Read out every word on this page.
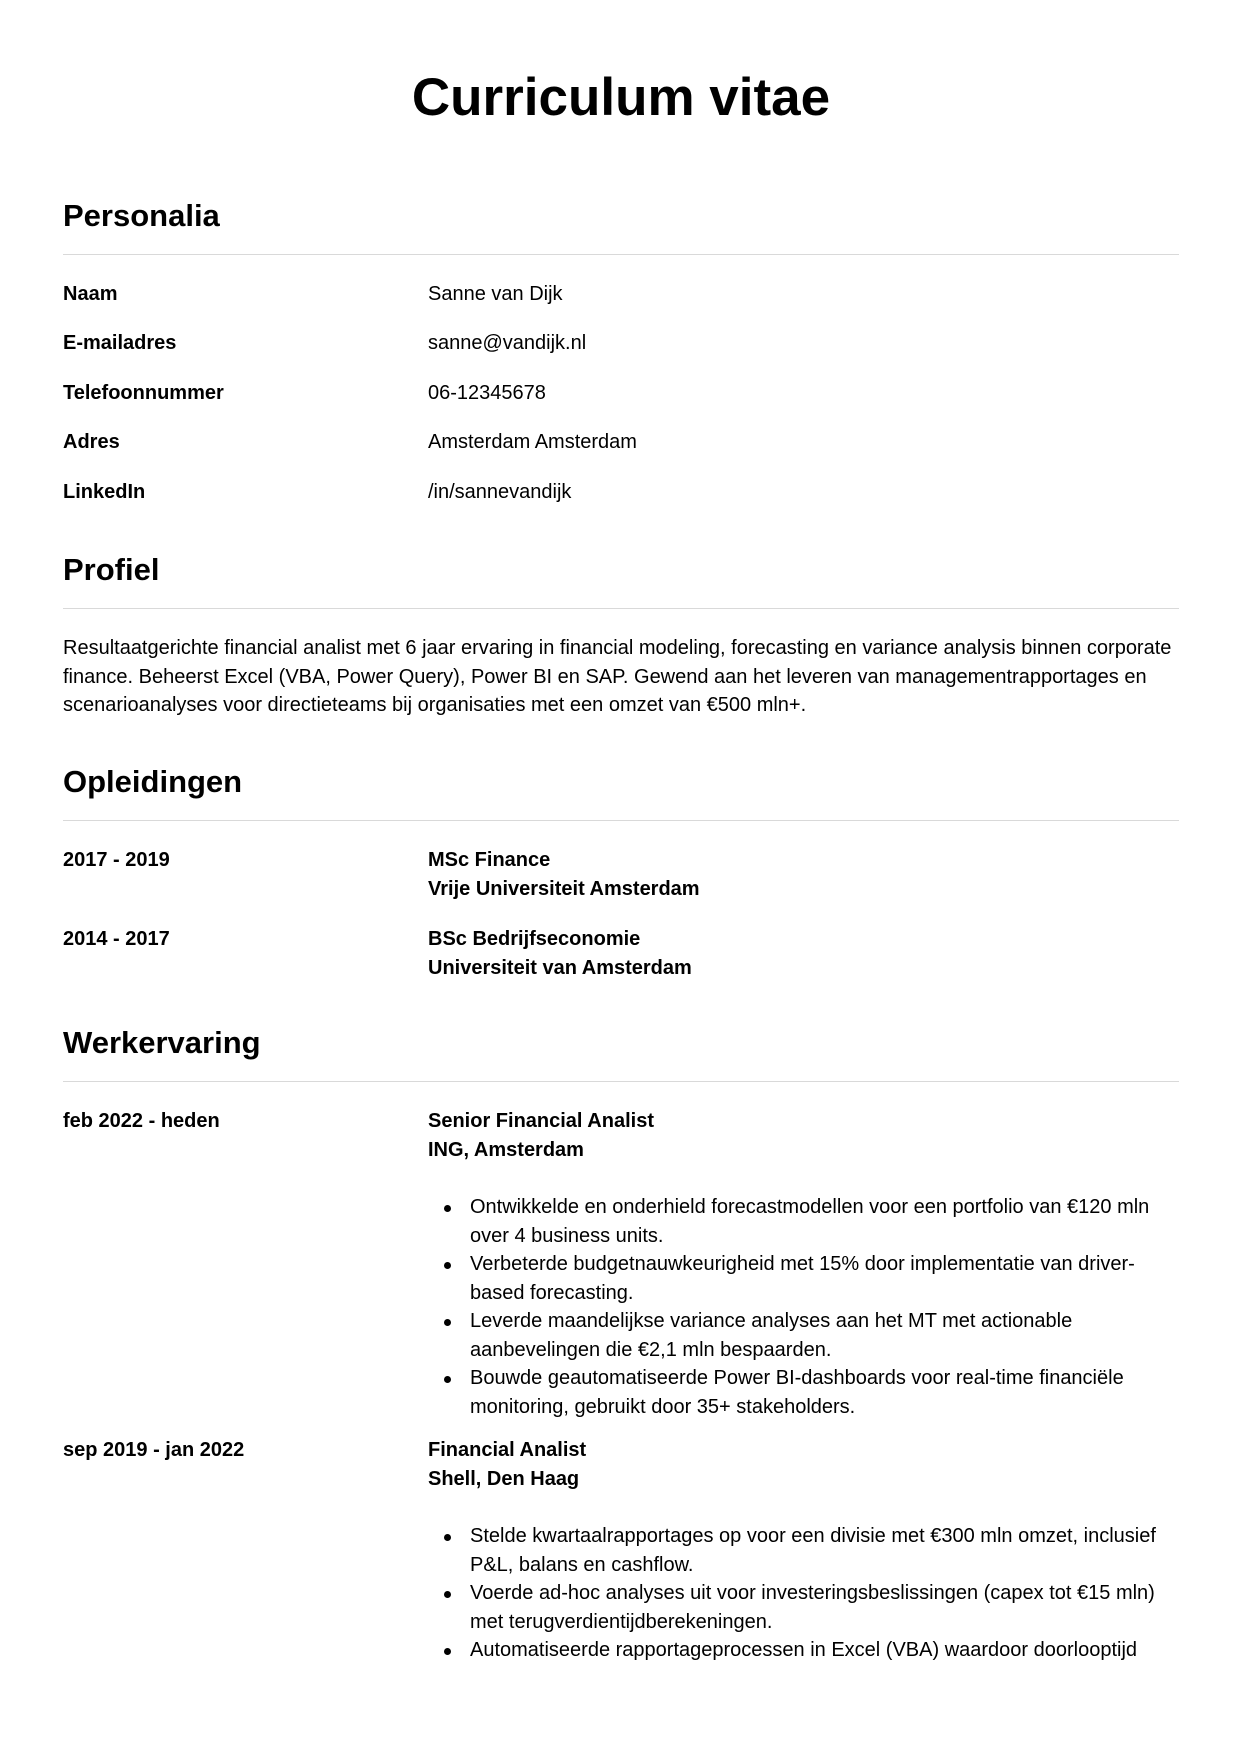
Curriculum vitae
Personalia
Naam	Sanne van Dijk
E-mailadres	sanne@vandijk.nl
Telefoonnummer	06-12345678
Adres	Amsterdam Amsterdam
LinkedIn	/in/sannevandijk
Profiel

Resultaatgerichte financial analist met 6 jaar ervaring in financial modeling, forecasting en variance analysis binnen corporate finance. Beheerst Excel (VBA, Power Query), Power BI en SAP. Gewend aan het leveren van managementrapportages en scenarioanalyses voor directieteams bij organisaties met een omzet van €500 mln+.

Opleidingen
2017 - 2019	MSc Finance
Vrije Universiteit Amsterdam
2014 - 2017	BSc Bedrijfseconomie
Universiteit van Amsterdam
Werkervaring
feb 2022 - heden	Senior Financial Analist
ING, Amsterdam
Ontwikkelde en onderhield forecastmodellen voor een portfolio van €120 mln over 4 business units.
Verbeterde budgetnauwkeurigheid met 15% door implementatie van driver-based forecasting.
Leverde maandelijkse variance analyses aan het MT met actionable aanbevelingen die €2,1 mln bespaarden.
Bouwde geautomatiseerde Power BI-dashboards voor real-time financiële monitoring, gebruikt door 35+ stakeholders.
sep 2019 - jan 2022	Financial Analist
Shell, Den Haag
Stelde kwartaalrapportages op voor een divisie met €300 mln omzet, inclusief P&L, balans en cashflow.
Voerde ad-hoc analyses uit voor investeringsbeslissingen (capex tot €15 mln) met terugverdientijdberekeningen.
Automatiseerde rapportageprocessen in Excel (VBA) waardoor doorlooptijd
